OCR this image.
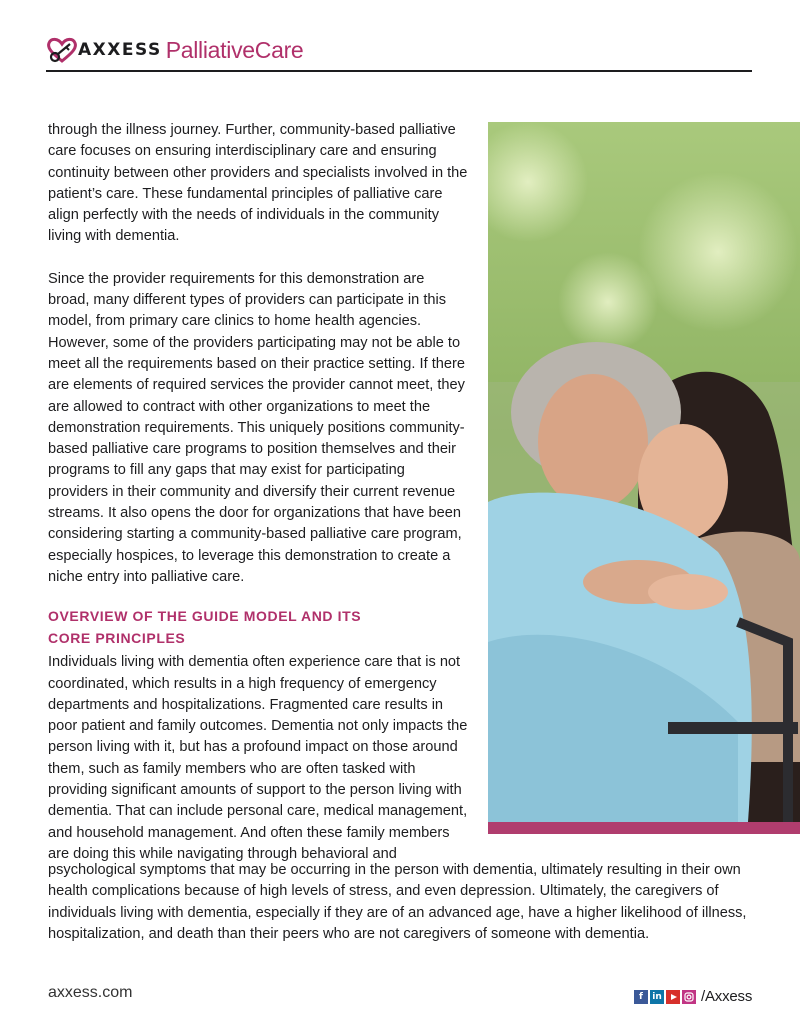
AXXESS PalliativeCare

through the illness journey. Further, community-based palliative care focuses on ensuring interdisciplinary care and ensuring continuity between other providers and specialists involved in the patient’s care. These fundamental principles of palliative care align perfectly with the needs of individuals in the community living with dementia.

Since the provider requirements for this demonstration are broad, many different types of providers can participate in this model, from primary care clinics to home health agencies. However, some of the providers participating may not be able to meet all the requirements based on their practice setting. If there are elements of required services the provider cannot meet, they are allowed to contract with other organizations to meet the demonstration requirements. This uniquely positions community-based palliative care programs to position themselves and their programs to fill any gaps that may exist for participating providers in their community and diversify their current revenue streams. It also opens the door for organizations that have been considering starting a community-based palliative care program, especially hospices, to leverage this demonstration to create a niche entry into palliative care.

OVERVIEW OF THE GUIDE MODEL AND ITS CORE PRINCIPLES

Individuals living with dementia often experience care that is not coordinated, which results in a high frequency of emergency departments and hospitalizations. Fragmented care results in poor patient and family outcomes. Dementia not only impacts the person living with it, but has a profound impact on those around them, such as family members who are often tasked with providing significant amounts of support to the person living with dementia. That can include personal care, medical management, and household management. And often these family members are doing this while navigating through behavioral and

psychological symptoms that may be occurring in the person with dementia, ultimately resulting in their own health complications because of high levels of stress, and even depression. Ultimately, the caregivers of individuals living with dementia, especially if they are of an advanced age, have a higher likelihood of illness, hospitalization, and death than their peers who are not caregivers of someone with dementia.

axxess.com	f	in	/Axxess
